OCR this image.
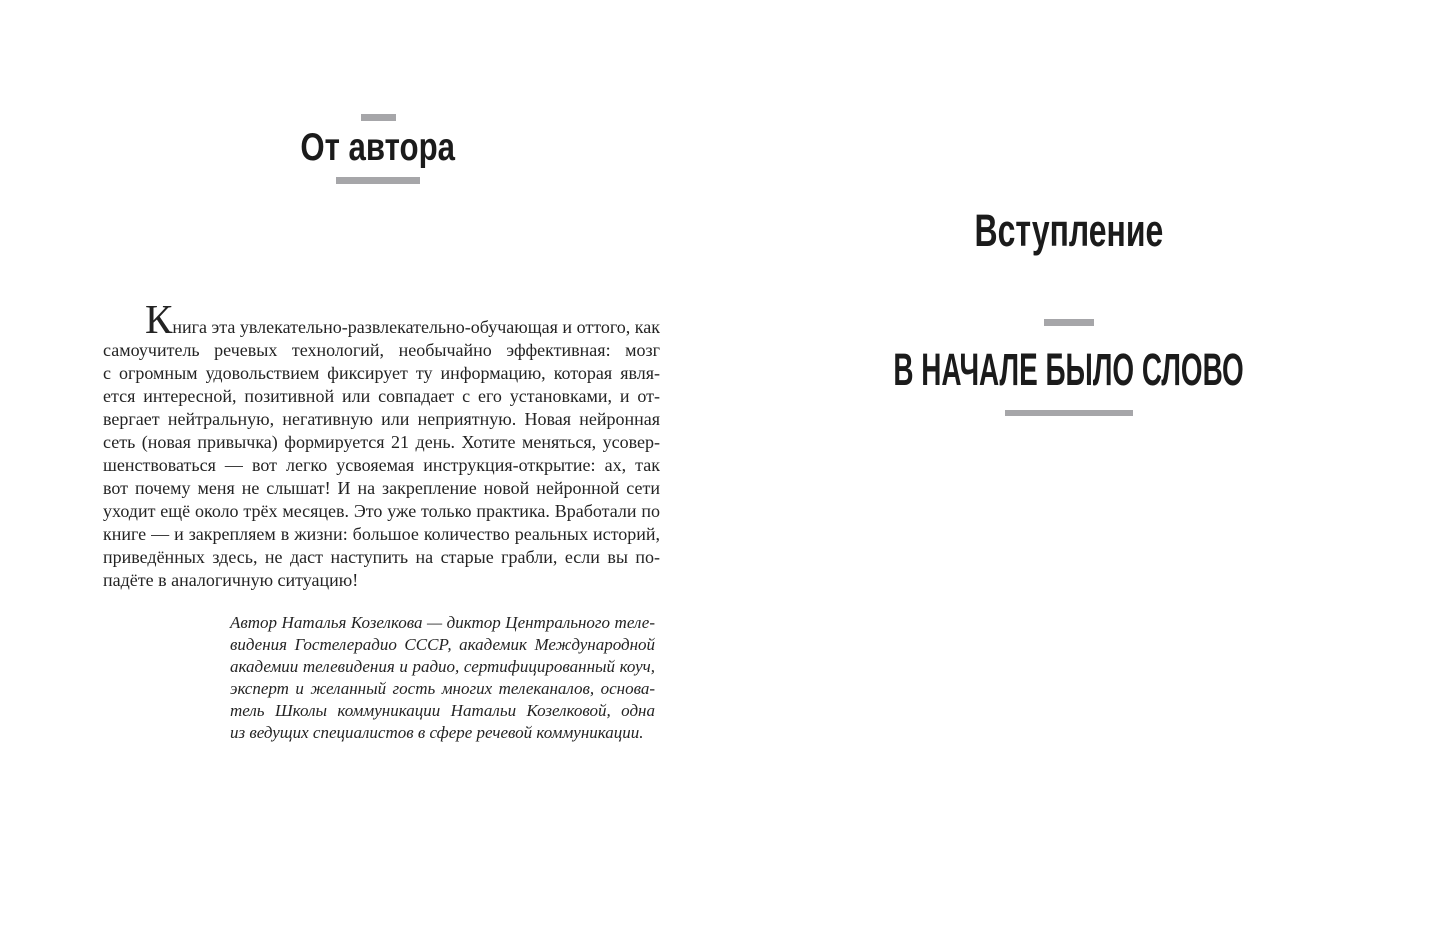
От автора
Книга эта увлекательно-развлекательно-обучающая и оттого, как
самоучитель речевых технологий, необычайно эффективная: мозг
с огромным удовольствием фиксирует ту информацию, которая явля-
ется интересной, позитивной или совпадает с его установками, и от-
вергает нейтральную, негативную или неприятную. Новая нейронная
сеть (новая привычка) формируется 21 день. Хотите меняться, усовер-
шенствоваться — вот легко усвояемая инструкция-открытие: ах, так
вот почему меня не слышат! И на закрепление новой нейронной сети
уходит ещё около трёх месяцев. Это уже только практика. Вработали по
книге — и закрепляем в жизни: большое количество реальных историй,
приведённых здесь, не даст наступить на старые грабли, если вы по-
падёте в аналогичную ситуацию!
Автор Наталья Козелкова — диктор Центрального теле-
видения Гостелерадио СССР, академик Международной
академии телевидения и радио, сертифицированный коуч,
эксперт и желанный гость многих телеканалов, основа-
тель Школы коммуникации Натальи Козелковой, одна
из ведущих специалистов в сфере речевой коммуникации.
Вступление
В НАЧАЛЕ БЫЛО СЛОВО
